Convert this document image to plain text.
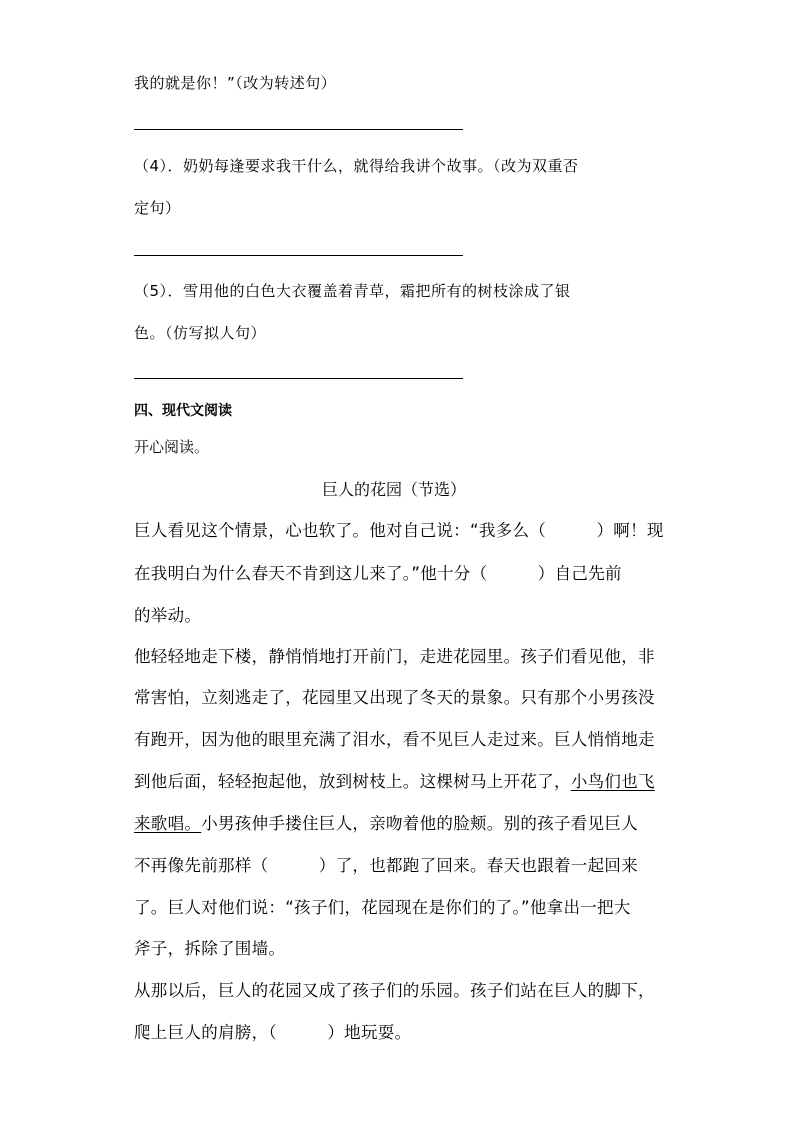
我的就是你！”（改为转述句）
（4）．奶奶每逢要求我干什么，就得给我讲个故事。（改为双重否
定句）
（5）．雪用他的白色大衣覆盖着青草，霜把所有的树枝涂成了银
色。（仿写拟人句）
四、现代文阅读
开心阅读。
巨人的花园（节选）
巨人看见这个情景，心也软了。他对自己说：“我多么（　　　）啊！现
在我明白为什么春天不肯到这儿来了。”他十分（　　　）自己先前
的举动。
他轻轻地走下楼，静悄悄地打开前门，走进花园里。孩子们看见他，非
常害怕，立刻逃走了，花园里又出现了冬天的景象。只有那个小男孩没
有跑开，因为他的眼里充满了泪水，看不见巨人走过来。巨人悄悄地走
到他后面，轻轻抱起他，放到树枝上。这棵树马上开花了，小鸟们也飞
来歌唱。小男孩伸手搂住巨人，亲吻着他的脸颊。别的孩子看见巨人
不再像先前那样（　　　）了，也都跑了回来。春天也跟着一起回来
了。巨人对他们说：“孩子们，花园现在是你们的了。”他拿出一把大
斧子，拆除了围墙。
从那以后，巨人的花园又成了孩子们的乐园。孩子们站在巨人的脚下，
爬上巨人的肩膀，（　　　）地玩耍。
